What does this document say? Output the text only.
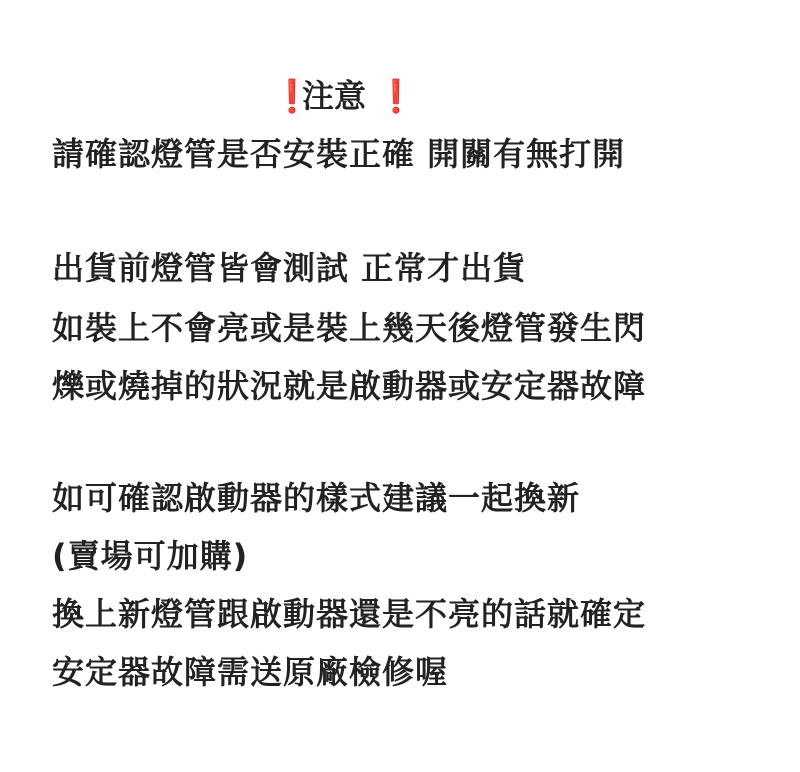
❗
注意 ❗
請確認燈管是否安裝正確 開關有無打開
出貨前燈管皆會測試 正常才出貨
如裝上不會亮或是裝上幾天後燈管發生閃
爍或燒掉的狀況就是啟動器或安定器故障
如可確認啟動器的樣式建議一起換新
(賣場可加購)
換上新燈管跟啟動器還是不亮的話就確定
安定器故障需送原廠檢修喔
